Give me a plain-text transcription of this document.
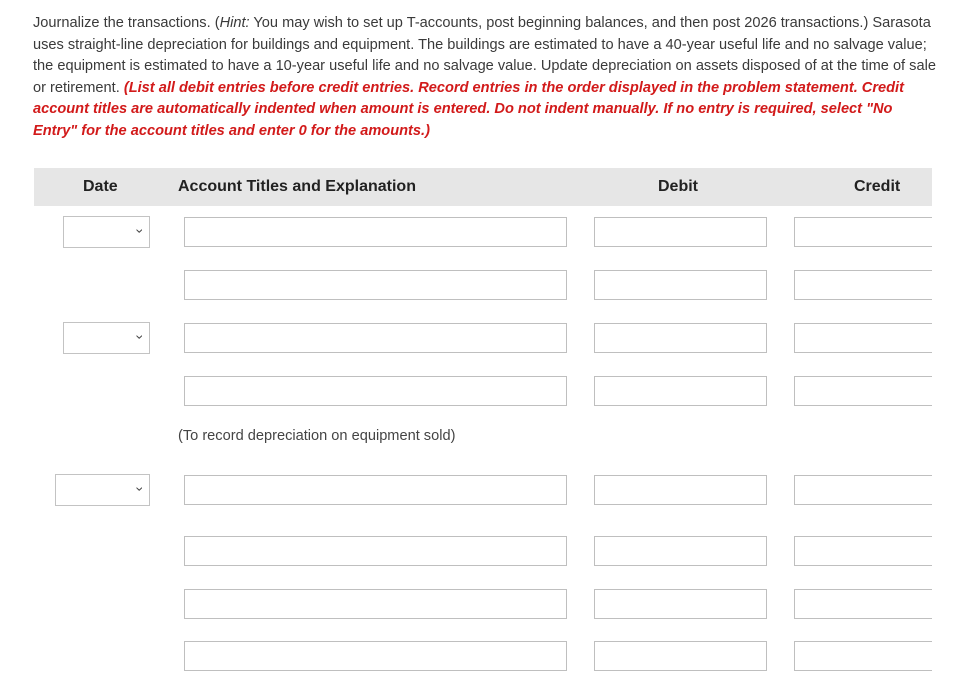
Journalize the transactions. (Hint: You may wish to set up T-accounts, post beginning balances, and then post 2026 transactions.) Sarasota uses straight-line depreciation for buildings and equipment. The buildings are estimated to have a 40-year useful life and no salvage value; the equipment is estimated to have a 10-year useful life and no salvage value. Update depreciation on assets disposed of at the time of sale or retirement. (List all debit entries before credit entries. Record entries in the order displayed in the problem statement. Credit account titles are automatically indented when amount is entered. Do not indent manually. If no entry is required, select "No Entry" for the account titles and enter 0 for the amounts.)
Date	Account Titles and Explanation	Debit	Credit
›
›
(To record depreciation on equipment sold)
›
